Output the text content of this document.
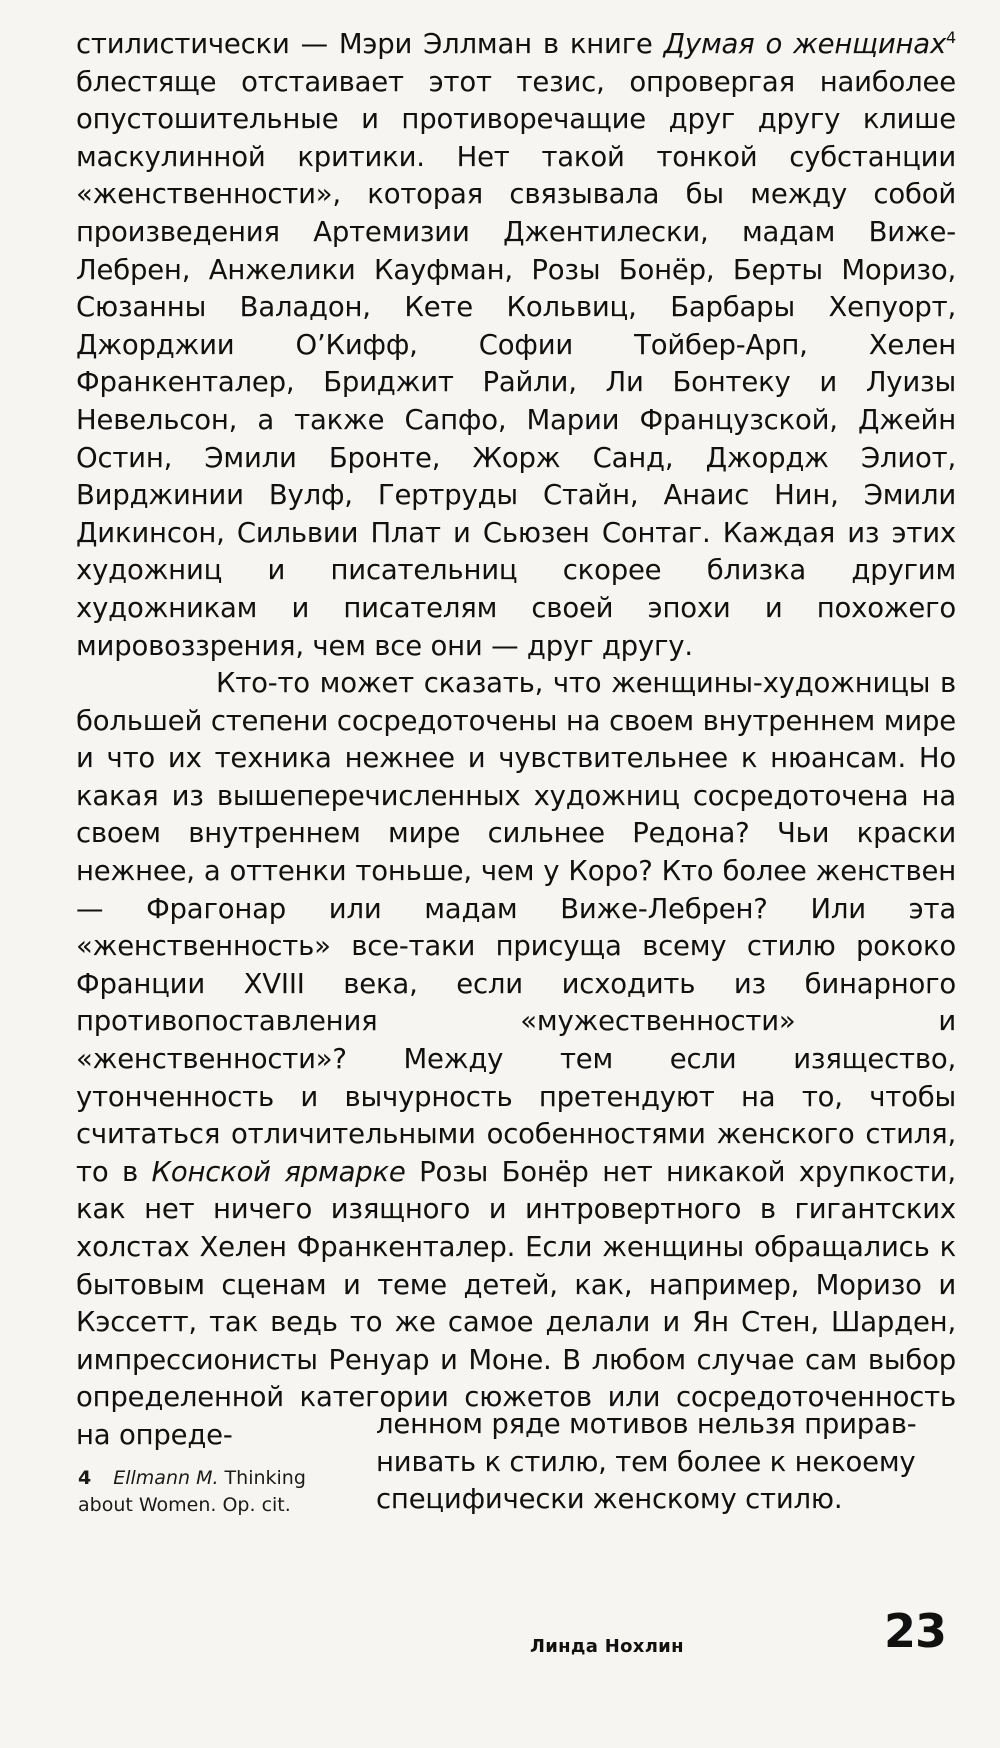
стилистически — Мэри Эллман в книге Думая о женщинах$^4$ блестяще отстаивает этот тезис, опровергая наиболее опустошительные и противоречащие друг другу клише маскулинной критики. Нет такой тонкой субстанции «женственности», которая связывала бы между собой произведения Артемизии Джентилески, мадам Виже-Лебрен, Анжелики Кауфман, Розы Бонёр, Берты Моризо, Сюзанны Валадон, Кете Кольвиц, Барбары Хепуорт, Джорджии О’Кифф, Софии Тойбер-Арп, Хелен Франкенталер, Бриджит Райли, Ли Бонтеку и Луизы Невельсон, а также Сапфо, Марии Французской, Джейн Остин, Эмили Бронте, Жорж Санд, Джордж Элиот, Вирджинии Вулф, Гертруды Стайн, Анаис Нин, Эмили Дикинсон, Сильвии Плат и Сьюзен Сонтаг. Каждая из этих художниц и писательниц скорее близка другим художникам и писателям своей эпохи и похожего мировоззрения, чем все они — друг другу.

Кто-то может сказать, что женщины-художницы в большей степени сосредоточены на своем внутреннем мире и что их техника нежнее и чувствительнее к нюансам. Но какая из вышеперечисленных художниц сосредоточена на своем внутреннем мире сильнее Редона? Чьи краски нежнее, а оттенки тоньше, чем у Коро? Кто более женствен — Фрагонар или мадам Виже-Лебрен? Или эта «женственность» все-таки присуща всему стилю рококо Франции XVIII века, если исходить из бинарного противопоставления «мужественности» и «женственности»? Между тем если изящество, утонченность и вычурность претендуют на то, чтобы считаться отличительными особенностями женского стиля, то в Конской ярмарке Розы Бонёр нет никакой хрупкости, как нет ничего изящного и интровертного в гигантских холстах Хелен Франкенталер. Если женщины обращались к бытовым сценам и теме детей, как, например, Моризо и Кэссетт, так ведь то же самое делали и Ян Стен, Шарден, импрессионисты Ренуар и Моне. В любом случае сам выбор определенной категории сюжетов или сосредоточенность на опреде-	ленном ряде мотивов нельзя прирав-
нивать к стилю, тем более к некоему
специфически женскому стилю.
4 Ellmann M. Thinking
about Women. Op. cit.
Линда Нохлин	23
